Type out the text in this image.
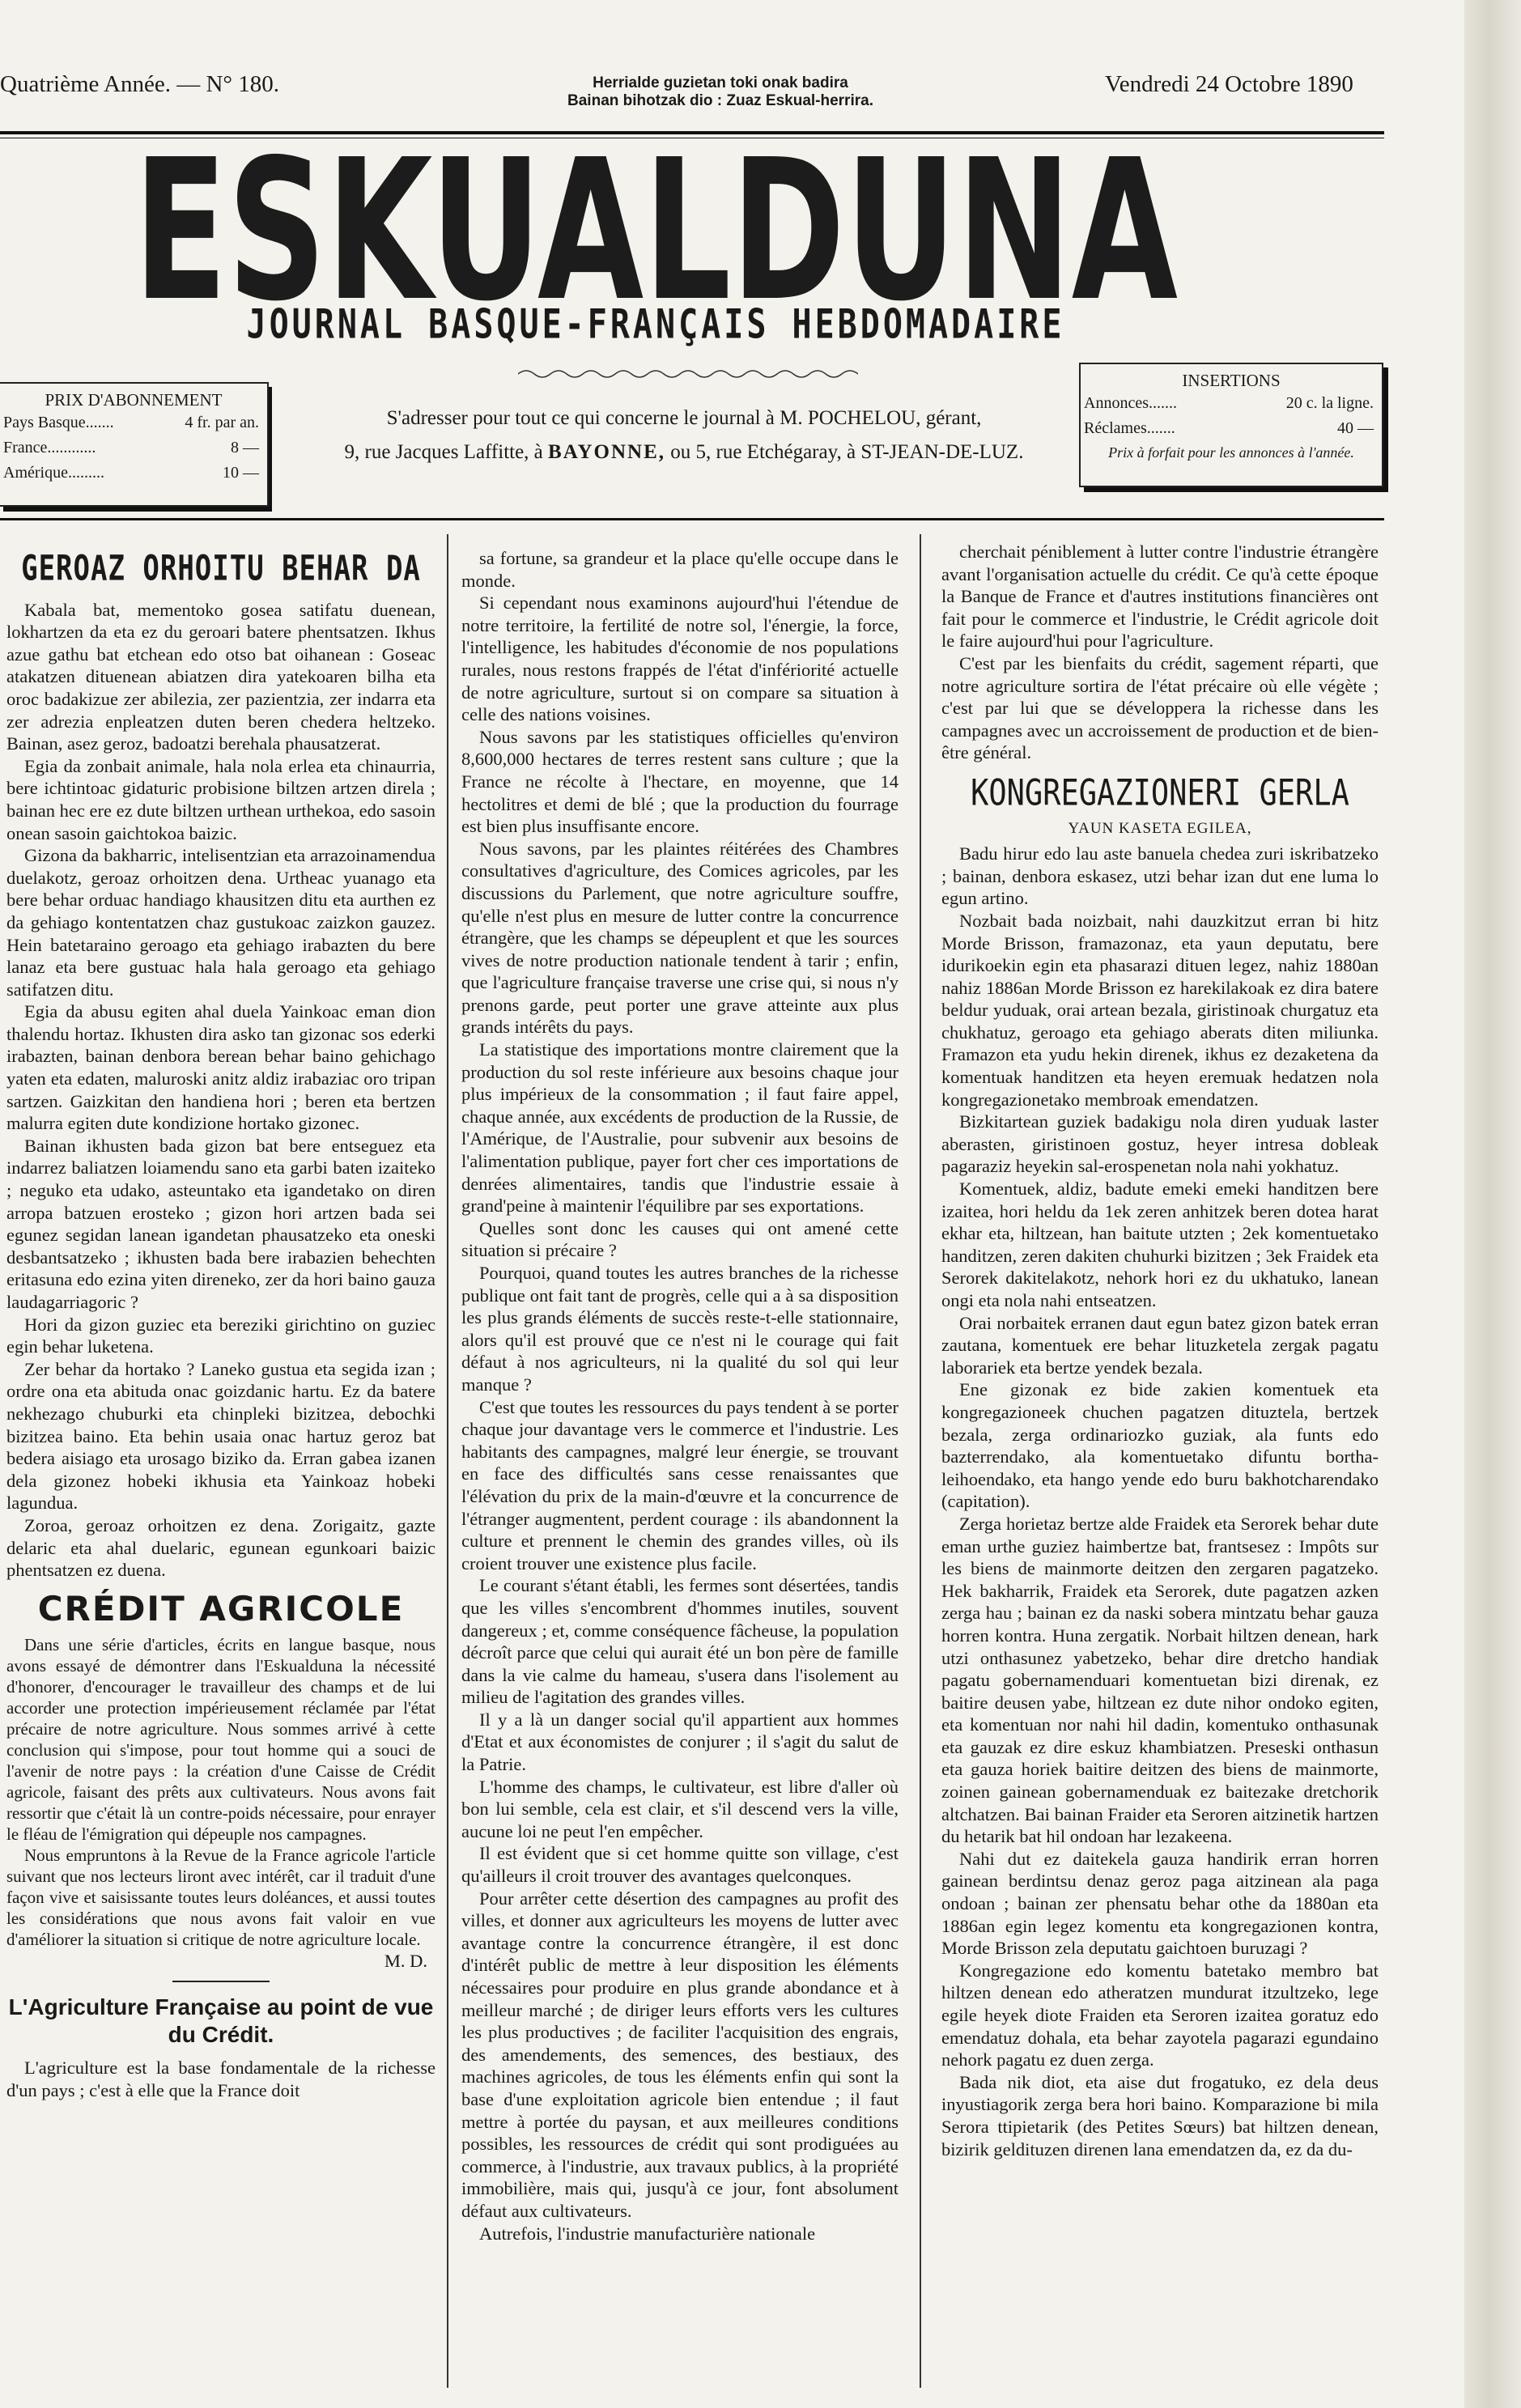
Quatrième Année. — N° 180.	Herrialde guzietan toki onak badira
Bainan bihotzak dio : Zuaz Eskual-herrira.
Vendredi 24 Octobre 1890
ESKUALDUNA
JOURNAL BASQUE-FRANÇAIS HEBDOMADAIRE
PRIX D'ABONNEMENT
Pays Basque.......	4 fr. par an.
France............	8 —
Amérique.........	10 —
S'adresser pour tout ce qui concerne le journal à M. POCHELOU, gérant,
9, rue Jacques Laffitte, à BAYONNE, ou 5, rue Etchégaray, à ST-JEAN-DE-LUZ.
INSERTIONS
Annonces.......	20 c. la ligne.
Réclames.......	40 —
Prix à forfait pour les annonces à l'année.
GEROAZ ORHOITU BEHAR DA

Kabala bat, mementoko gosea satifatu duenean, lokhartzen da eta ez du geroari batere phentsatzen. Ikhus azue gathu bat etchean edo otso bat oihanean : Goseac atakatzen dituenean abiatzen dira yatekoaren bilha eta oroc badakizue zer abilezia, zer pazientzia, zer indarra eta zer adrezia enpleatzen duten beren chedera heltzeko. Bainan, asez geroz, badoatzi berehala phausatzerat.

Egia da zonbait animale, hala nola erlea eta chinaurria, bere ichtintoac gidaturic probisione biltzen artzen direla ; bainan hec ere ez dute biltzen urthean urthekoa, edo sasoin onean sasoin gaichtokoa baizic.

Gizona da bakharric, intelisentzian eta arrazoinamendua duelakotz, geroaz orhoitzen dena. Urtheac yuanago eta bere behar orduac handiago khausitzen ditu eta aurthen ez da gehiago kontentatzen chaz gustukoac zaizkon gauzez. Hein batetaraino geroago eta gehiago irabazten du bere lanaz eta bere gustuac hala hala geroago eta gehiago satifatzen ditu.

Egia da abusu egiten ahal duela Yainkoac eman dion thalendu hortaz. Ikhusten dira asko tan gizonac sos ederki irabazten, bainan denbora berean behar baino gehichago yaten eta edaten, maluroski anitz aldiz irabaziac oro tripan sartzen. Gaizkitan den handiena hori ; beren eta bertzen malurra egiten dute kondizione hortako gizonec.

Bainan ikhusten bada gizon bat bere entseguez eta indarrez baliatzen loiamendu sano eta garbi baten izaiteko ; neguko eta udako, asteuntako eta igandetako on diren arropa batzuen erosteko ; gizon hori artzen bada sei egunez segidan lanean igandetan phausatzeko eta oneski desbantsatzeko ; ikhusten bada bere irabazien behechten eritasuna edo ezina yiten direneko, zer da hori baino gauza laudagarriagoric ?

Hori da gizon guziec eta bereziki girichtino on guziec egin behar luketena.

Zer behar da hortako ? Laneko gustua eta segida izan ; ordre ona eta abituda onac goizdanic hartu. Ez da batere nekhezago chuburki eta chinpleki bizitzea, debochki bizitzea baino. Eta behin usaia onac hartuz geroz bat bedera aisiago eta urosago biziko da. Erran gabea izanen dela gizonez hobeki ikhusia eta Yainkoaz hobeki lagundua.

Zoroa, geroaz orhoitzen ez dena. Zorigaitz, gazte delaric eta ahal duelaric, egunean egunkoari baizic phentsatzen ez duena.

CRÉDIT AGRICOLE

Dans une série d'articles, écrits en langue basque, nous avons essayé de démontrer dans l'Eskualduna la nécessité d'honorer, d'encourager le travailleur des champs et de lui accorder une protection impérieusement réclamée par l'état précaire de notre agriculture. Nous sommes arrivé à cette conclusion qui s'impose, pour tout homme qui a souci de l'avenir de notre pays : la création d'une Caisse de Crédit agricole, faisant des prêts aux cultivateurs. Nous avons fait ressortir que c'était là un contre-poids nécessaire, pour enrayer le fléau de l'émigration qui dépeuple nos campagnes.

Nous empruntons à la Revue de la France agricole l'article suivant que nos lecteurs liront avec intérêt, car il traduit d'une façon vive et saisissante toutes leurs doléances, et aussi toutes les considérations que nous avons fait valoir en vue d'améliorer la situation si critique de notre agriculture locale.

M. D.
L'Agriculture Française au point de vue du Crédit.

L'agriculture est la base fondamentale de la richesse d'un pays ; c'est à elle que la France doit

sa fortune, sa grandeur et la place qu'elle occupe dans le monde.

Si cependant nous examinons aujourd'hui l'étendue de notre territoire, la fertilité de notre sol, l'énergie, la force, l'intelligence, les habitudes d'économie de nos populations rurales, nous restons frappés de l'état d'infériorité actuelle de notre agriculture, surtout si on compare sa situation à celle des nations voisines.

Nous savons par les statistiques officielles qu'environ 8,600,000 hectares de terres restent sans culture ; que la France ne récolte à l'hectare, en moyenne, que 14 hectolitres et demi de blé ; que la production du fourrage est bien plus insuffisante encore.

Nous savons, par les plaintes réitérées des Chambres consultatives d'agriculture, des Comices agricoles, par les discussions du Parlement, que notre agriculture souffre, qu'elle n'est plus en mesure de lutter contre la concurrence étrangère, que les champs se dépeuplent et que les sources vives de notre production nationale tendent à tarir ; enfin, que l'agriculture française traverse une crise qui, si nous n'y prenons garde, peut porter une grave atteinte aux plus grands intérêts du pays.

La statistique des importations montre clairement que la production du sol reste inférieure aux besoins chaque jour plus impérieux de la consommation ; il faut faire appel, chaque année, aux excédents de production de la Russie, de l'Amérique, de l'Australie, pour subvenir aux besoins de l'alimentation publique, payer fort cher ces importations de denrées alimentaires, tandis que l'industrie essaie à grand'peine à maintenir l'équilibre par ses exportations.

Quelles sont donc les causes qui ont amené cette situation si précaire ?

Pourquoi, quand toutes les autres branches de la richesse publique ont fait tant de progrès, celle qui a à sa disposition les plus grands éléments de succès reste-t-elle stationnaire, alors qu'il est prouvé que ce n'est ni le courage qui fait défaut à nos agriculteurs, ni la qualité du sol qui leur manque ?

C'est que toutes les ressources du pays tendent à se porter chaque jour davantage vers le commerce et l'industrie. Les habitants des campagnes, malgré leur énergie, se trouvant en face des difficultés sans cesse renaissantes que l'élévation du prix de la main-d'œuvre et la concurrence de l'étranger augmentent, perdent courage : ils abandonnent la culture et prennent le chemin des grandes villes, où ils croient trouver une existence plus facile.

Le courant s'étant établi, les fermes sont désertées, tandis que les villes s'encombrent d'hommes inutiles, souvent dangereux ; et, comme conséquence fâcheuse, la population décroît parce que celui qui aurait été un bon père de famille dans la vie calme du hameau, s'usera dans l'isolement au milieu de l'agitation des grandes villes.

Il y a là un danger social qu'il appartient aux hommes d'Etat et aux économistes de conjurer ; il s'agit du salut de la Patrie.

L'homme des champs, le cultivateur, est libre d'aller où bon lui semble, cela est clair, et s'il descend vers la ville, aucune loi ne peut l'en empêcher.

Il est évident que si cet homme quitte son village, c'est qu'ailleurs il croit trouver des avantages quelconques.

Pour arrêter cette désertion des campagnes au profit des villes, et donner aux agriculteurs les moyens de lutter avec avantage contre la concurrence étrangère, il est donc d'intérêt public de mettre à leur disposition les éléments nécessaires pour produire en plus grande abondance et à meilleur marché ; de diriger leurs efforts vers les cultures les plus productives ; de faciliter l'acquisition des engrais, des amendements, des semences, des bestiaux, des machines agricoles, de tous les éléments enfin qui sont la base d'une exploitation agricole bien entendue ; il faut mettre à portée du paysan, et aux meilleures conditions possibles, les ressources de crédit qui sont prodiguées au commerce, à l'industrie, aux travaux publics, à la propriété immobilière, mais qui, jusqu'à ce jour, font absolument défaut aux cultivateurs.

Autrefois, l'industrie manufacturière nationale

cherchait péniblement à lutter contre l'industrie étrangère avant l'organisation actuelle du crédit. Ce qu'à cette époque la Banque de France et d'autres institutions financières ont fait pour le commerce et l'industrie, le Crédit agricole doit le faire aujourd'hui pour l'agriculture.

C'est par les bienfaits du crédit, sagement réparti, que notre agriculture sortira de l'état précaire où elle végète ; c'est par lui que se développera la richesse dans les campagnes avec un accroissement de production et de bien-être général.

KONGREGAZIONERI GERLA
YAUN KASETA EGILEA,

Badu hirur edo lau aste banuela chedea zuri iskribatzeko ; bainan, denbora eskasez, utzi behar izan dut ene luma lo egun artino.

Nozbait bada noizbait, nahi dauzkitzut erran bi hitz Morde Brisson, framazonaz, eta yaun deputatu, bere idurikoekin egin eta phasarazi dituen legez, nahiz 1880an nahiz 1886an Morde Brisson ez harekilakoak ez dira batere beldur yuduak, orai artean bezala, giristinoak churgatuz eta chukhatuz, geroago eta gehiago aberats diten miliunka. Framazon eta yudu hekin direnek, ikhus ez dezaketena da komentuak handitzen eta heyen eremuak hedatzen nola kongregazionetako membroak emendatzen.

Bizkitartean guziek badakigu nola diren yuduak laster aberasten, giristinoen gostuz, heyer intresa dobleak pagaraziz heyekin sal-erospenetan nola nahi yokhatuz.

Komentuek, aldiz, badute emeki emeki handitzen bere izaitea, hori heldu da 1ek zeren anhitzek beren dotea harat ekhar eta, hiltzean, han baitute utzten ; 2ek komentuetako handitzen, zeren dakiten chuhurki bizitzen ; 3ek Fraidek eta Serorek dakitelakotz, nehork hori ez du ukhatuko, lanean ongi eta nola nahi entseatzen.

Orai norbaitek erranen daut egun batez gizon batek erran zautana, komentuek ere behar lituzketela zergak pagatu laborariek eta bertze yendek bezala.

Ene gizonak ez bide zakien komentuek eta kongregazioneek chuchen pagatzen dituztela, bertzek bezala, zerga ordinariozko guziak, ala funts edo bazterrendako, ala komentuetako difuntu bortha-leihoendako, eta hango yende edo buru bakhotcharendako (capitation).

Zerga horietaz bertze alde Fraidek eta Serorek behar dute eman urthe guziez haimbertze bat, frantsesez : Impôts sur les biens de mainmorte deitzen den zergaren pagatzeko. Hek bakharrik, Fraidek eta Serorek, dute pagatzen azken zerga hau ; bainan ez da naski sobera mintzatu behar gauza horren kontra. Huna zergatik. Norbait hiltzen denean, hark utzi onthasunez yabetzeko, behar dire dretcho handiak pagatu gobernamenduari komentuetan bizi direnak, ez baitire deusen yabe, hiltzean ez dute nihor ondoko egiten, eta komentuan nor nahi hil dadin, komentuko onthasunak eta gauzak ez dire eskuz khambiatzen. Preseski onthasun eta gauza horiek baitire deitzen des biens de mainmorte, zoinen gainean gobernamenduak ez baitezake dretchorik altchatzen. Bai bainan Fraider eta Seroren aitzinetik hartzen du hetarik bat hil ondoan har lezakeena.

Nahi dut ez daitekela gauza handirik erran horren gainean berdintsu denaz geroz paga aitzinean ala paga ondoan ; bainan zer phensatu behar othe da 1880an eta 1886an egin legez komentu eta kongregazionen kontra, Morde Brisson zela deputatu gaichtoen buruzagi ?

Kongregazione edo komentu batetako membro bat hiltzen denean edo atheratzen mundurat itzultzeko, lege egile heyek diote Fraiden eta Seroren izaitea goratuz edo emendatuz dohala, eta behar zayotela pagarazi egundaino nehork pagatu ez duen zerga.

Bada nik diot, eta aise dut frogatuko, ez dela deus inyustiagorik zerga bera hori baino. Komparazione bi mila Serora ttipietarik (des Petites Sœurs) bat hiltzen denean, bizirik geldituzen direnen lana emendatzen da, ez da du-
